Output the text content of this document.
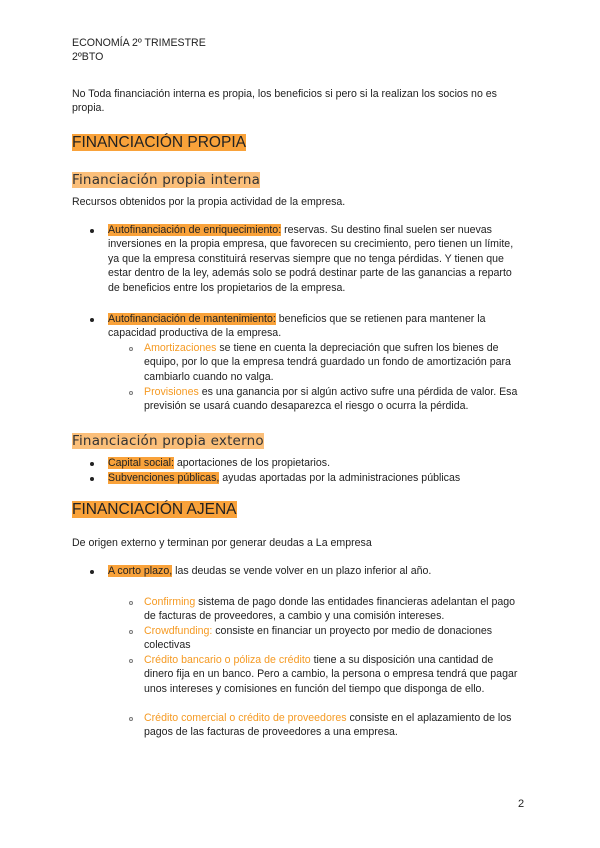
ECONOMÍA 2º TRIMESTRE
2ºBTO
No Toda financiación interna es propia, los beneficios si pero si la realizan los socios no es propia.
FINANCIACIÓN PROPIA
Financiación propia interna
Recursos obtenidos por la propia actividad de la empresa.
Autofinanciación de enriquecimiento: reservas. Su destino final suelen ser nuevas inversiones en la propia empresa, que favorecen su crecimiento, pero tienen un límite, ya que la empresa constituirá reservas siempre que no tenga pérdidas. Y tienen que estar dentro de la ley, además solo se podrá destinar parte de las ganancias a reparto de beneficios entre los propietarios de la empresa.
Autofinanciación de mantenimiento: beneficios que se retienen para mantener la capacidad productiva de la empresa.
Amortizaciones se tiene en cuenta la depreciación que sufren los bienes de equipo, por lo que la empresa tendrá guardado un fondo de amortización para cambiarlo cuando no valga.
Provisiones es una ganancia por si algún activo sufre una pérdida de valor. Esa previsión se usará cuando desaparezca el riesgo o ocurra la pérdida.
Financiación propia externo
Capital social: aportaciones de los propietarios.
Subvenciones públicas, ayudas aportadas por la administraciones públicas
FINANCIACIÓN AJENA
De origen externo y terminan por generar deudas a La empresa
A corto plazo, las deudas se vende volver en un plazo inferior al año.
Confirming sistema de pago donde las entidades financieras adelantan el pago de facturas de proveedores, a cambio y una comisión intereses.
Crowdfunding: consiste en financiar un proyecto por medio de donaciones colectivas
Crédito bancario o póliza de crédito tiene a su disposición una cantidad de dinero fija en un banco. Pero a cambio, la persona o empresa tendrá que pagar unos intereses y comisiones en función del tiempo que disponga de ello.
Crédito comercial o crédito de proveedores consiste en el aplazamiento de los pagos de las facturas de proveedores a una empresa.
2
